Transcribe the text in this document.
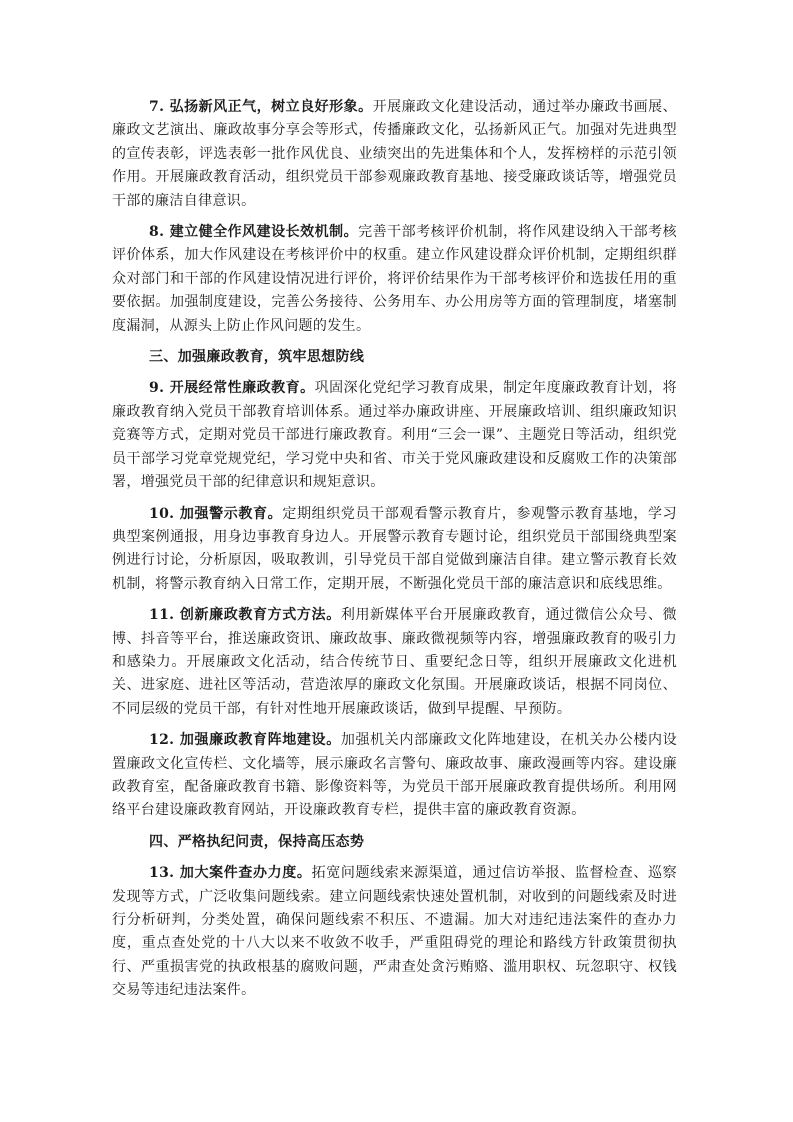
7. 弘扬新风正气，树立良好形象。开展廉政文化建设活动，通过举办廉政书画展、廉政文艺演出、廉政故事分享会等形式，传播廉政文化，弘扬新风正气。加强对先进典型的宣传表彰，评选表彰一批作风优良、业绩突出的先进集体和个人，发挥榜样的示范引领作用。开展廉政教育活动，组织党员干部参观廉政教育基地、接受廉政谈话等，增强党员干部的廉洁自律意识。

8. 建立健全作风建设长效机制。完善干部考核评价机制，将作风建设纳入干部考核评价体系，加大作风建设在考核评价中的权重。建立作风建设群众评价机制，定期组织群众对部门和干部的作风建设情况进行评价，将评价结果作为干部考核评价和选拔任用的重要依据。加强制度建设，完善公务接待、公务用车、办公用房等方面的管理制度，堵塞制度漏洞，从源头上防止作风问题的发生。

三、加强廉政教育，筑牢思想防线

9. 开展经常性廉政教育。巩固深化党纪学习教育成果，制定年度廉政教育计划，将廉政教育纳入党员干部教育培训体系。通过举办廉政讲座、开展廉政培训、组织廉政知识竞赛等方式，定期对党员干部进行廉政教育。利用“三会一课”、主题党日等活动，组织党员干部学习党章党规党纪，学习党中央和省、市关于党风廉政建设和反腐败工作的决策部署，增强党员干部的纪律意识和规矩意识。

10. 加强警示教育。定期组织党员干部观看警示教育片，参观警示教育基地，学习典型案例通报，用身边事教育身边人。开展警示教育专题讨论，组织党员干部围绕典型案例进行讨论，分析原因，吸取教训，引导党员干部自觉做到廉洁自律。建立警示教育长效机制，将警示教育纳入日常工作，定期开展，不断强化党员干部的廉洁意识和底线思维。

11. 创新廉政教育方式方法。利用新媒体平台开展廉政教育，通过微信公众号、微博、抖音等平台，推送廉政资讯、廉政故事、廉政微视频等内容，增强廉政教育的吸引力和感染力。开展廉政文化活动，结合传统节日、重要纪念日等，组织开展廉政文化进机关、进家庭、进社区等活动，营造浓厚的廉政文化氛围。开展廉政谈话，根据不同岗位、不同层级的党员干部，有针对性地开展廉政谈话，做到早提醒、早预防。

12. 加强廉政教育阵地建设。加强机关内部廉政文化阵地建设，在机关办公楼内设置廉政文化宣传栏、文化墙等，展示廉政名言警句、廉政故事、廉政漫画等内容。建设廉政教育室，配备廉政教育书籍、影像资料等，为党员干部开展廉政教育提供场所。利用网络平台建设廉政教育网站，开设廉政教育专栏，提供丰富的廉政教育资源。

四、严格执纪问责，保持高压态势

13. 加大案件查办力度。拓宽问题线索来源渠道，通过信访举报、监督检查、巡察发现等方式，广泛收集问题线索。建立问题线索快速处置机制，对收到的问题线索及时进行分析研判，分类处置，确保问题线索不积压、不遗漏。加大对违纪违法案件的查办力度，重点查处党的十八大以来不收敛不收手，严重阻碍党的理论和路线方针政策贯彻执行、严重损害党的执政根基的腐败问题，严肃查处贪污贿赂、滥用职权、玩忽职守、权钱交易等违纪违法案件。
